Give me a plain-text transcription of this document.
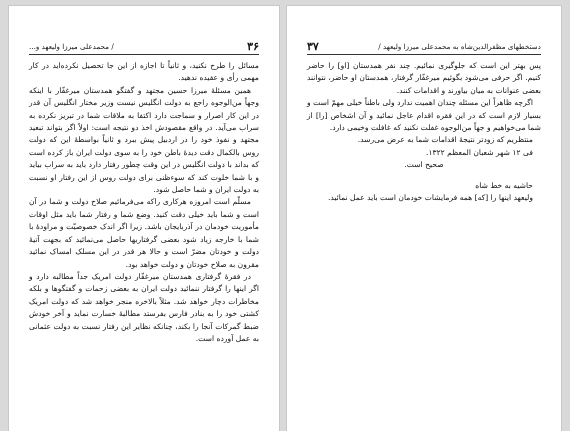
۳۶
/ محمدعلی میرزا ولیعهد و...

مسائل را طرح نکنید، و ثانیاً تا اجازه از این جا تحصیل نکرده‌اید در کار مهمی رأی و عقیده ندهید.

همین مسئلهٔ میرزا حسین مجتهد و گفتگو همدستان میرغفّار با اینکه وجهاً من‌الوجوه راجع به دولت انگلیس نیست وزیر مختار انگلیس آن قدر در این کار اصرار و سماجت دارد اکتفا به ملاقات شما در تبریز نکرده به سراب می‌آید. در واقع مقصودش اخذ دو نتیجه است: اولاً اگر بتواند تبعید مجتهد و نفوذ خود را در اردبیل پیش ببرد و ثانیاً بواسطهٔ این که دولت روس بالکمال دقت دیدهٔ باطن خود را به سوی دولت ایران باز کرده است که بداند با دولت انگلیس در این وقت چطور رفتار دارد باید به سراب بیاید و با شما خلوت کند که سوءظنی برای دولت روس از این رفتار او نسبت به دولت ایران و شما حاصل شود.

مسلّم است امروزه هرکاری راکه می‌فرمائیم صلاح دولت و شما در آن است و شما باید خیلی دقت کنید. وضع شما و رفتار شما باید مثل اوقات مأموریت خودمان در آذربایجان باشد. زیرا اگر اندک خصوصیّت و مراودهٔ با شما با خارجه زیاد شود بعضی گرفتاریها حاصل می‌نمائید که بجهت آتیهٔ دولت و خودتان مضرّ است و حالا هر قدر در این مسلک امساک نمائید مقرون به صلاح خودتان و دولت خواهد بود.

در فقرهٔ گرفتاری همدستان میرغفّار دولت امریک جداً مطالبه دارد و اگر اینها را گرفتار ننمائید دولت ایران به بعضی زحمات و گفتگوها و بلکه مخاطرات دچار خواهد شد. مثلاً بالاخره منجر خواهد شد که دولت امریک کشتی خود را به بنادر فارس بفرستد مطالبهٔ خسارت نماید و آخر خودش ضبط گمرکات آنجا را بکند، چنانکه نظایر این رفتار نسبت به دولت عثمانی به عمل آورده است.

دستخطهای مظفرالدین‌شاه به محمدعلی میرزا ولیعهد /
۳۷

پس بهتر این است که جلوگیری نمائیم. چند نفر همدستان [او] را حاضر کنیم. اگر حرفی می‌شود بگوئیم میرغفّار گرفتار، همدستان او حاضر، نتوانند بعضی عنوانات به میان بیاورند و اقدامات کنند.

اگرچه ظاهراً این مسئله چندان اهمیت ندارد ولی باطناً خیلی مهمّ است و بسیار لازم است که در این فقره اقدام عاجل نمائید و آن اشخاص [را] از شما می‌خواهیم و جهاً من‌الوجوه غفلت نکنید که غافلت وخیمی دارد.

منتظریم که زودتر نتیجهٔ اقدامات شما به عرض می‌رسد.

فی ۱۲ شهر شعبان المعظم ۱۳۲۲.

صحیح است.

حاشیه به خط شاه

ولیعهد اینها را [که] همه فرمایشات خودمان است باید عمل نمائید.
